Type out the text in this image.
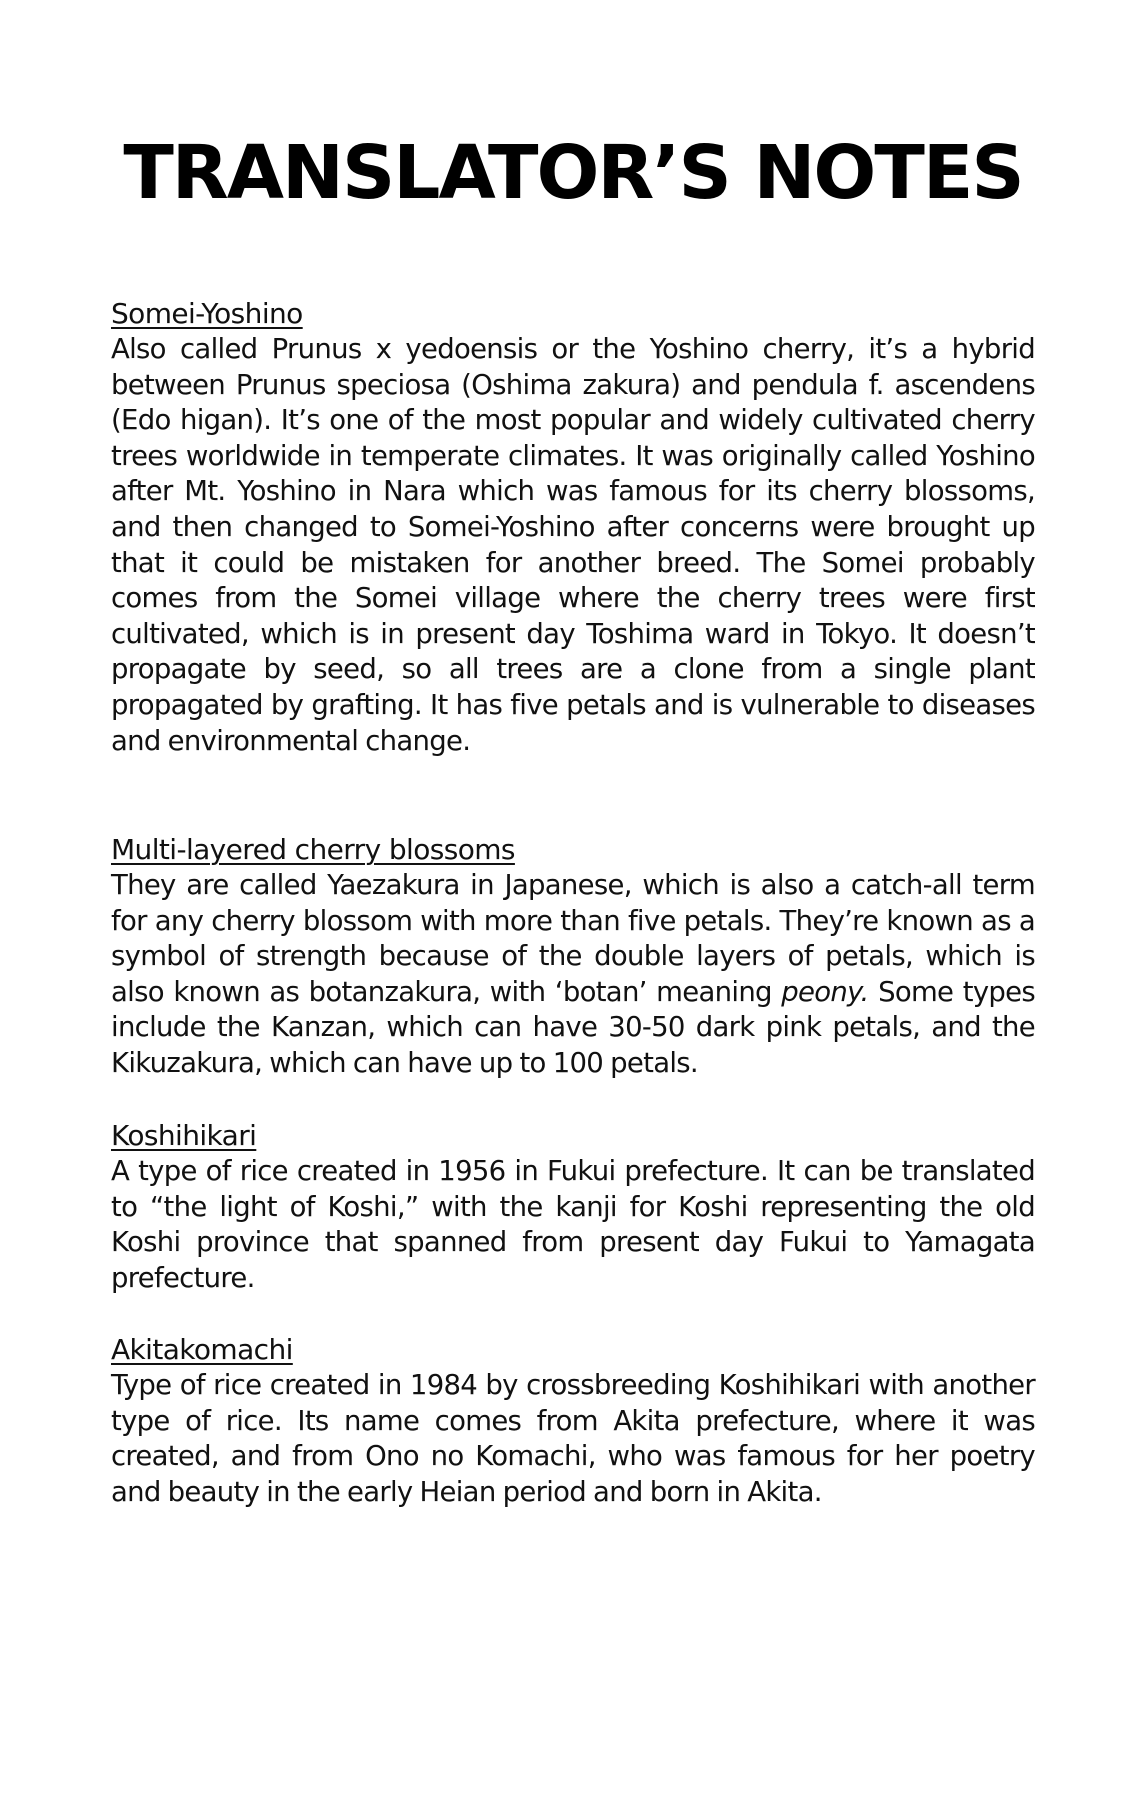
TRANSLATOR’S NOTES
Somei-Yoshino

Also called Prunus x yedoensis or the Yoshino cherry, it’s a hybrid between Prunus speciosa (Oshima zakura) and pendula f. ascendens (Edo higan). It’s one of the most popular and widely cultivated cherry trees worldwide in temperate climates. It was originally called Yoshino after Mt. Yoshino in Nara which was famous for its cherry blossoms, and then changed to Somei-Yoshino after concerns were brought up that it could be mistaken for another breed. The Somei probably comes from the Somei village where the cherry trees were first cultivated, which is in present day Toshima ward in Tokyo. It doesn’t propagate by seed, so all trees are a clone from a single plant propagated by grafting. It has five petals and is vulnerable to diseases and environmental change.

Multi-layered cherry blossoms

They are called Yaezakura in Japanese, which is also a catch-all term for any cherry blossom with more than five petals. They’re known as a symbol of strength because of the double layers of petals, which is also known as botanzakura, with ‘botan’ meaning peony. Some types include the Kanzan, which can have 30-50 dark pink petals, and the Kikuzakura, which can have up to 100 petals.

Koshihikari

A type of rice created in 1956 in Fukui prefecture. It can be translated to “the light of Koshi,” with the kanji for Koshi representing the old Koshi province that spanned from present day Fukui to Yamagata prefecture.

Akitakomachi

Type of rice created in 1984 by crossbreeding Koshihikari with another type of rice. Its name comes from Akita prefecture, where it was created, and from Ono no Komachi, who was famous for her poetry and beauty in the early Heian period and born in Akita.
